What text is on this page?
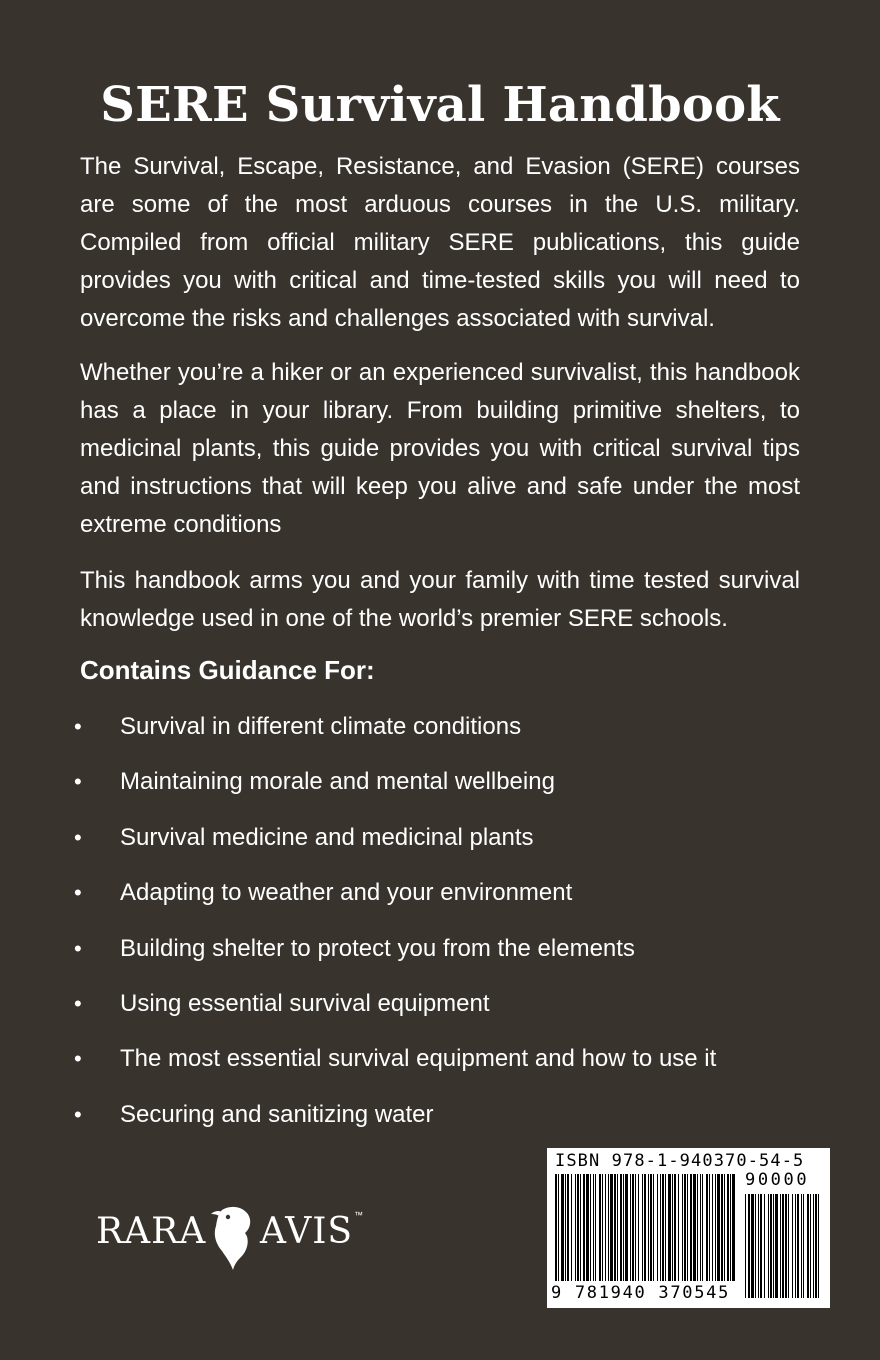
SERE Survival Handbook
The Survival, Escape, Resistance, and Evasion (SERE) courses are some of the most arduous courses in the U.S. military. Compiled from official military SERE publications, this guide provides you with critical and time-tested skills you will need to overcome the risks and challenges associated with survival.
Whether you’re a hiker or an experienced survivalist, this handbook has a place in your library. From building primitive shelters, to medicinal plants, this guide provides you with critical survival tips and instructions that will keep you alive and safe under the most extreme conditions
This handbook arms you and your family with time tested survival knowledge used in one of the world’s premier SERE schools.
Contains Guidance For:
• Survival in different climate conditions
• Maintaining morale and mental wellbeing
• Survival medicine and medicinal plants
• Adapting to weather and your environment
• Building shelter to protect you from the elements
• Using essential survival equipment
• The most essential survival equipment and how to use it
• Securing and sanitizing water
RARA AVIS ™
ISBN 978-1-940370-54-5
90000
9 781940 370545
